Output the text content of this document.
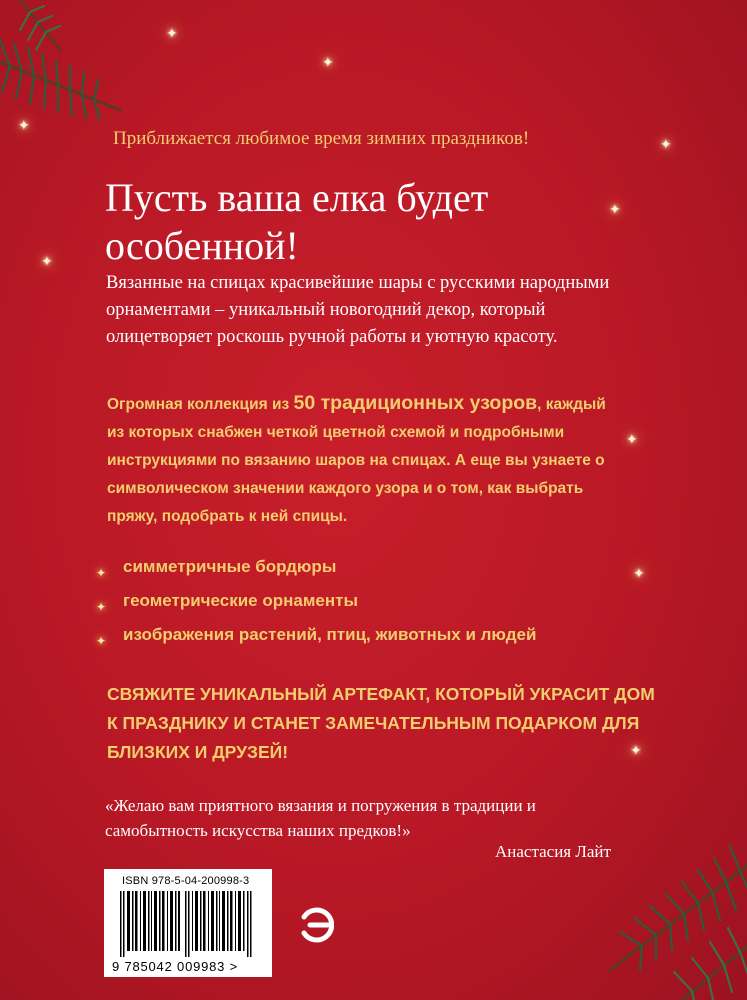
✦
✦
✦
✦
✦
✦
✦
✦
✦
Приближается любимое время зимних праздников!
Пусть ваша елка будет особенной!
Вязанные на спицах красивейшие шары с русскими народными орнаментами – уникальный новогодний декор, который олицетворяет роскошь ручной работы и уютную красоту.
Огромная коллекция из 50 традиционных узоров, каждый из которых снабжен четкой цветной схемой и подробными инструкциями по вязанию шаров на спицах. А еще вы узнаете о символическом значении каждого узора и о том, как выбрать пряжу, подобрать к ней спицы.
✦ симметричные бордюры
✦ геометрические орнаменты
✦ изображения растений, птиц, животных и людей
СВЯЖИТЕ УНИКАЛЬНЫЙ АРТЕФАКТ, КОТОРЫЙ УКРАСИТ ДОМ К ПРАЗДНИКУ И СТАНЕТ ЗАМЕЧАТЕЛЬНЫМ ПОДАРКОМ ДЛЯ БЛИЗКИХ И ДРУЗЕЙ!
«Желаю вам приятного вязания и погружения в традиции и самобытность искусства наших предков!»
Анастасия Лайт
ISBN 978-5-04-200998-3
9 785042 009983 >
